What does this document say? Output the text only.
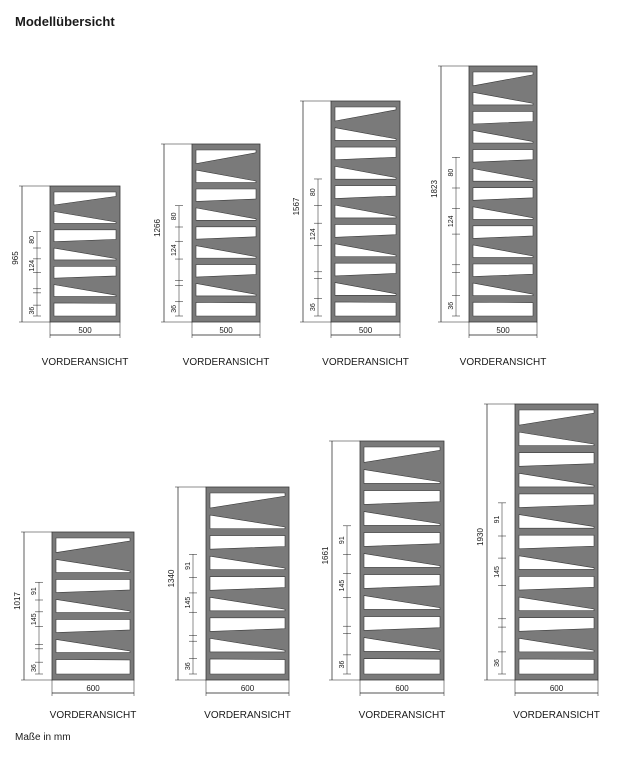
Modellübersicht
965
80
124
36
500
VORDERANSICHT
1266
80
124
36
500
VORDERANSICHT
1567
80
124
36
500
VORDERANSICHT
1823
80
124
36
500
VORDERANSICHT
1017
91
145
36
600
VORDERANSICHT
1340
91
145
36
600
VORDERANSICHT
1661
91
145
36
600
VORDERANSICHT
1930
91
145
36
600
VORDERANSICHT
Maße in mm
